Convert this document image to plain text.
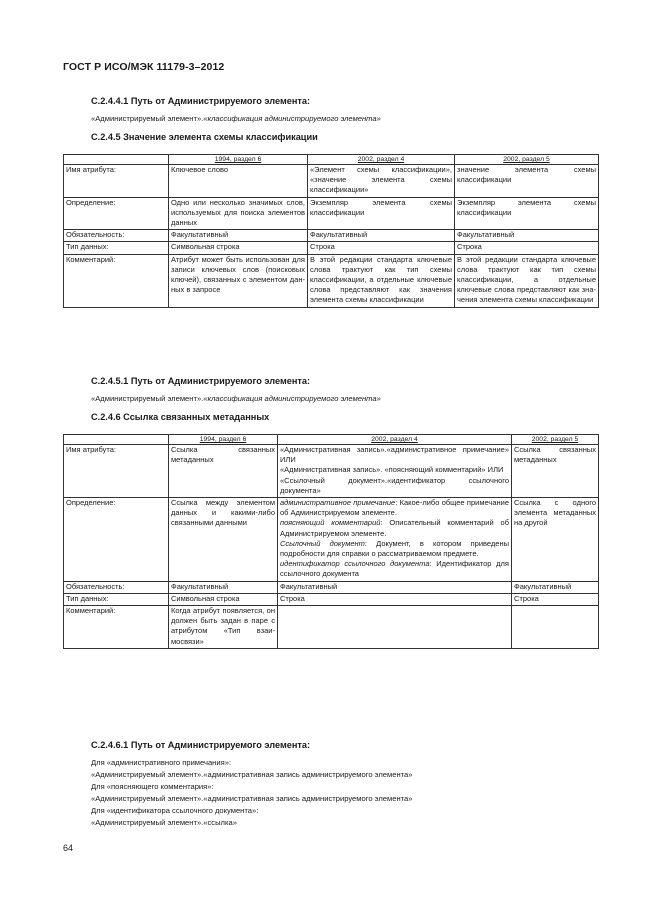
ГОСТ Р ИСО/МЭК 11179-3–2012
С.2.4.4.1 Путь от Администрируемого элемента:
«Администрируемый элемент».«классификация администрируемого элемента»
С.2.4.5 Значение элемента схемы классификации
	1994, раздел 6	2002, раздел 4	2002, раздел 5
Имя атрибута:	Ключевое слово	«Элемент схемы классификации», «значение элемента схемы классификации»	значение элемента схемы классификации
Определение:	Одно или несколько значимых слов, используемых для поиска элементов данных	Экземпляр элемента схемы классификации	Экземпляр элемента схемы классификации
Обязательность:	Факультативный	Факультативный	Факультативный
Тип данных:	Символьная строка	Строка	Строка
Комментарий:	Атрибут может быть использован для записи ключевых слов (поисковых ключей), связанных с элементом данных в запросе	В этой редакции стандарта ключевые слова трактуют как тип схемы классификации, а отдельные ключевые слова представляют как значения элемента схемы классификации	В этой редакции стандарта ключевые слова трактуют как тип схемы классификации, а отдельные ключевые слова представляют как значения элемента схемы классификации
С.2.4.5.1 Путь от Администрируемого элемента:
«Администрируемый элемент».«классификация администрируемого элемента»
С.2.4.6 Ссылка связанных метаданных
	1994, раздел 6	2002, раздел 4	2002, раздел 5
Имя атрибута:	Ссылка связанных метаданных	«Административная запись».«административное примечание» ИЛИ
«Административная запись». «поясняющий комментарий» ИЛИ
«Ссылочный документ».«идентификатор ссылочного документа»	Ссылка связанных метаданных
Определение:	Ссылка между элементом данных и какими-либо связанными данными	административное примечание: Какое-либо общее примечание об Администрируемом элементе.
поясняющий комментарий: Описательный комментарий об Администрируемом элементе.
Ссылочный документ: Документ, в котором приведены подробности для справки о рассматриваемом предмете.
идентификатор ссылочного документа: Идентификатор для ссылочного документа	Ссылка с одного элемента метаданных на другой
Обязательность:	Факультативный	Факультативный	Факультативный
Тип данных:	Символьная строка	Строка	Строка
Комментарий:	Когда атрибут появляется, он должен быть задан в паре с атрибутом «Тип взаимосвязи»		
С.2.4.6.1 Путь от Администрируемого элемента:
Для «административного примечания»:
«Администрируемый элемент».«административная запись администрируемого элемента»
Для «поясняющего комментария»:
«Администрируемый элемент».«административная запись администрируемого элемента»
Для «идентификатора ссылочного документа»:
«Администрируемый элемент».«ссылка»
64
